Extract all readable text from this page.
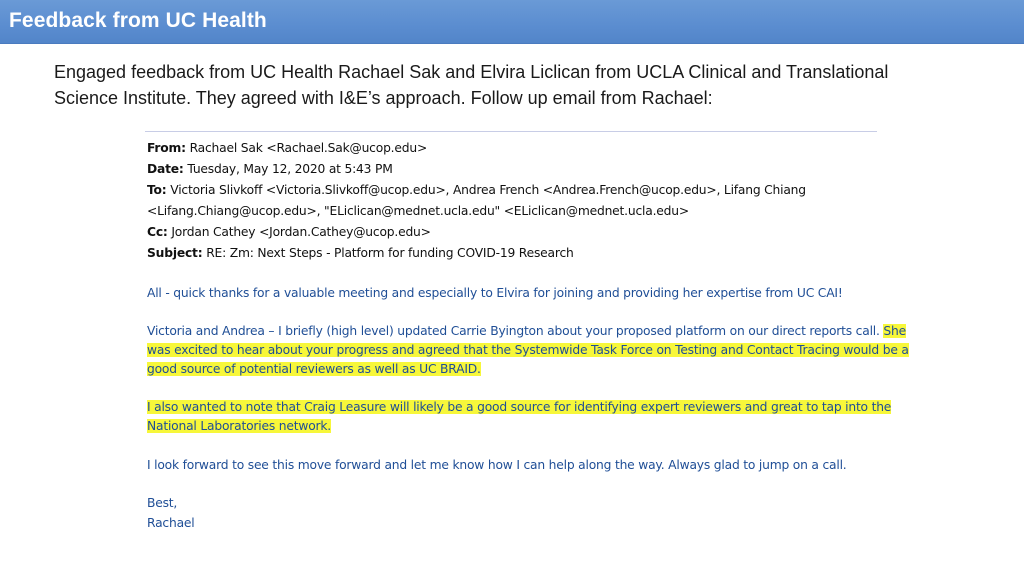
Feedback from UC Health
Engaged feedback from UC Health Rachael Sak and Elvira Liclican from UCLA Clinical and Translational
Science Institute. They agreed with I&E’s approach. Follow up email from Rachael:
From: Rachael Sak <Rachael.Sak@ucop.edu>
Date: Tuesday, May 12, 2020 at 5:43 PM
To: Victoria Slivkoff <Victoria.Slivkoff@ucop.edu>, Andrea French <Andrea.French@ucop.edu>, Lifang Chiang
<Lifang.Chiang@ucop.edu>, "ELiclican@mednet.ucla.edu" <ELiclican@mednet.ucla.edu>
Cc: Jordan Cathey <Jordan.Cathey@ucop.edu>
Subject: RE: Zm: Next Steps - Platform for funding COVID-19 Research
All - quick thanks for a valuable meeting and especially to Elvira for joining and providing her expertise from UC CAI!
Victoria and Andrea – I briefly (high level) updated Carrie Byington about your proposed platform on our direct reports call. She
was excited to hear about your progress and agreed that the Systemwide Task Force on Testing and Contact Tracing would be a
good source of potential reviewers as well as UC BRAID.
I also wanted to note that Craig Leasure will likely be a good source for identifying expert reviewers and great to tap into the
National Laboratories network.
I look forward to see this move forward and let me know how I can help along the way. Always glad to jump on a call.
Best,
Rachael
